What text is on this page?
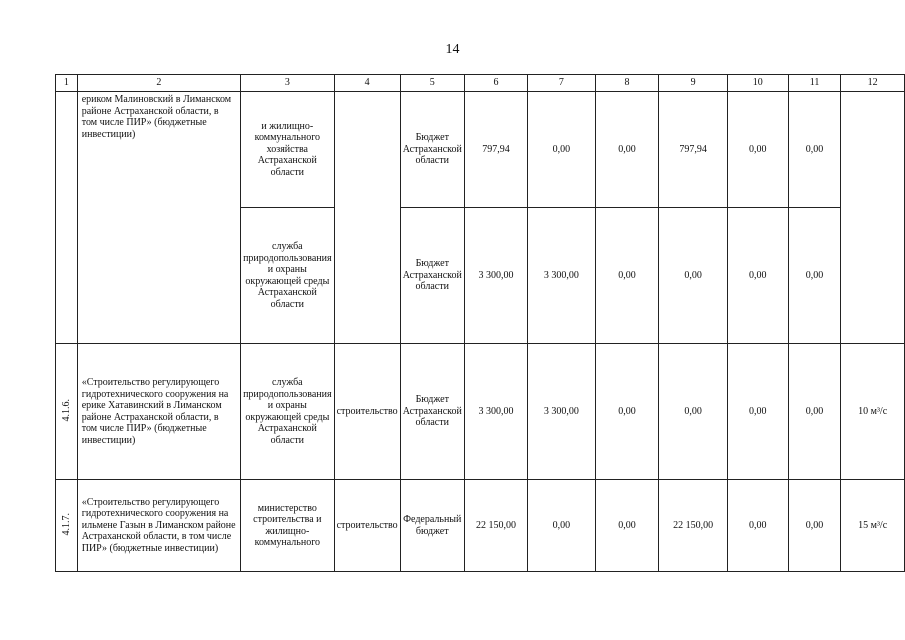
14
1	2	3	4	5	6	7	8	9	10	11	12
	ериком Малиновский в Лиманском районе Астраханской области, в том числе ПИР» (бюджетные инвестиции)	и жилищно-коммунального хозяйства Астраханской области		Бюджет Астраханской области	797,94	0,00	0,00	797,94	0,00	0,00	
		служба природопользования и охраны окружающей среды Астраханской области		Бюджет Астраханской области	3 300,00	3 300,00	0,00	0,00	0,00	0,00	
4.1.6.	«Строительство регулирующего гидротехнического сооружения на ерике Хатавинский в Лиманском районе Астраханской области, в том числе ПИР» (бюджетные инвестиции)	служба природопользования и охраны окружающей среды Астраханской области	строительство	Бюджет Астраханской области	3 300,00	3 300,00	0,00	0,00	0,00	0,00	10 м³/с
4.1.7.	«Строительство регулирующего гидротехнического сооружения на ильмене Газын в Лиманском районе Астраханской области, в том числе ПИР» (бюджетные инвестиции)	министерство строительства и жилищно-коммунального	строительство	Федеральный бюджет	22 150,00	0,00	0,00	22 150,00	0,00	0,00	15 м³/с
